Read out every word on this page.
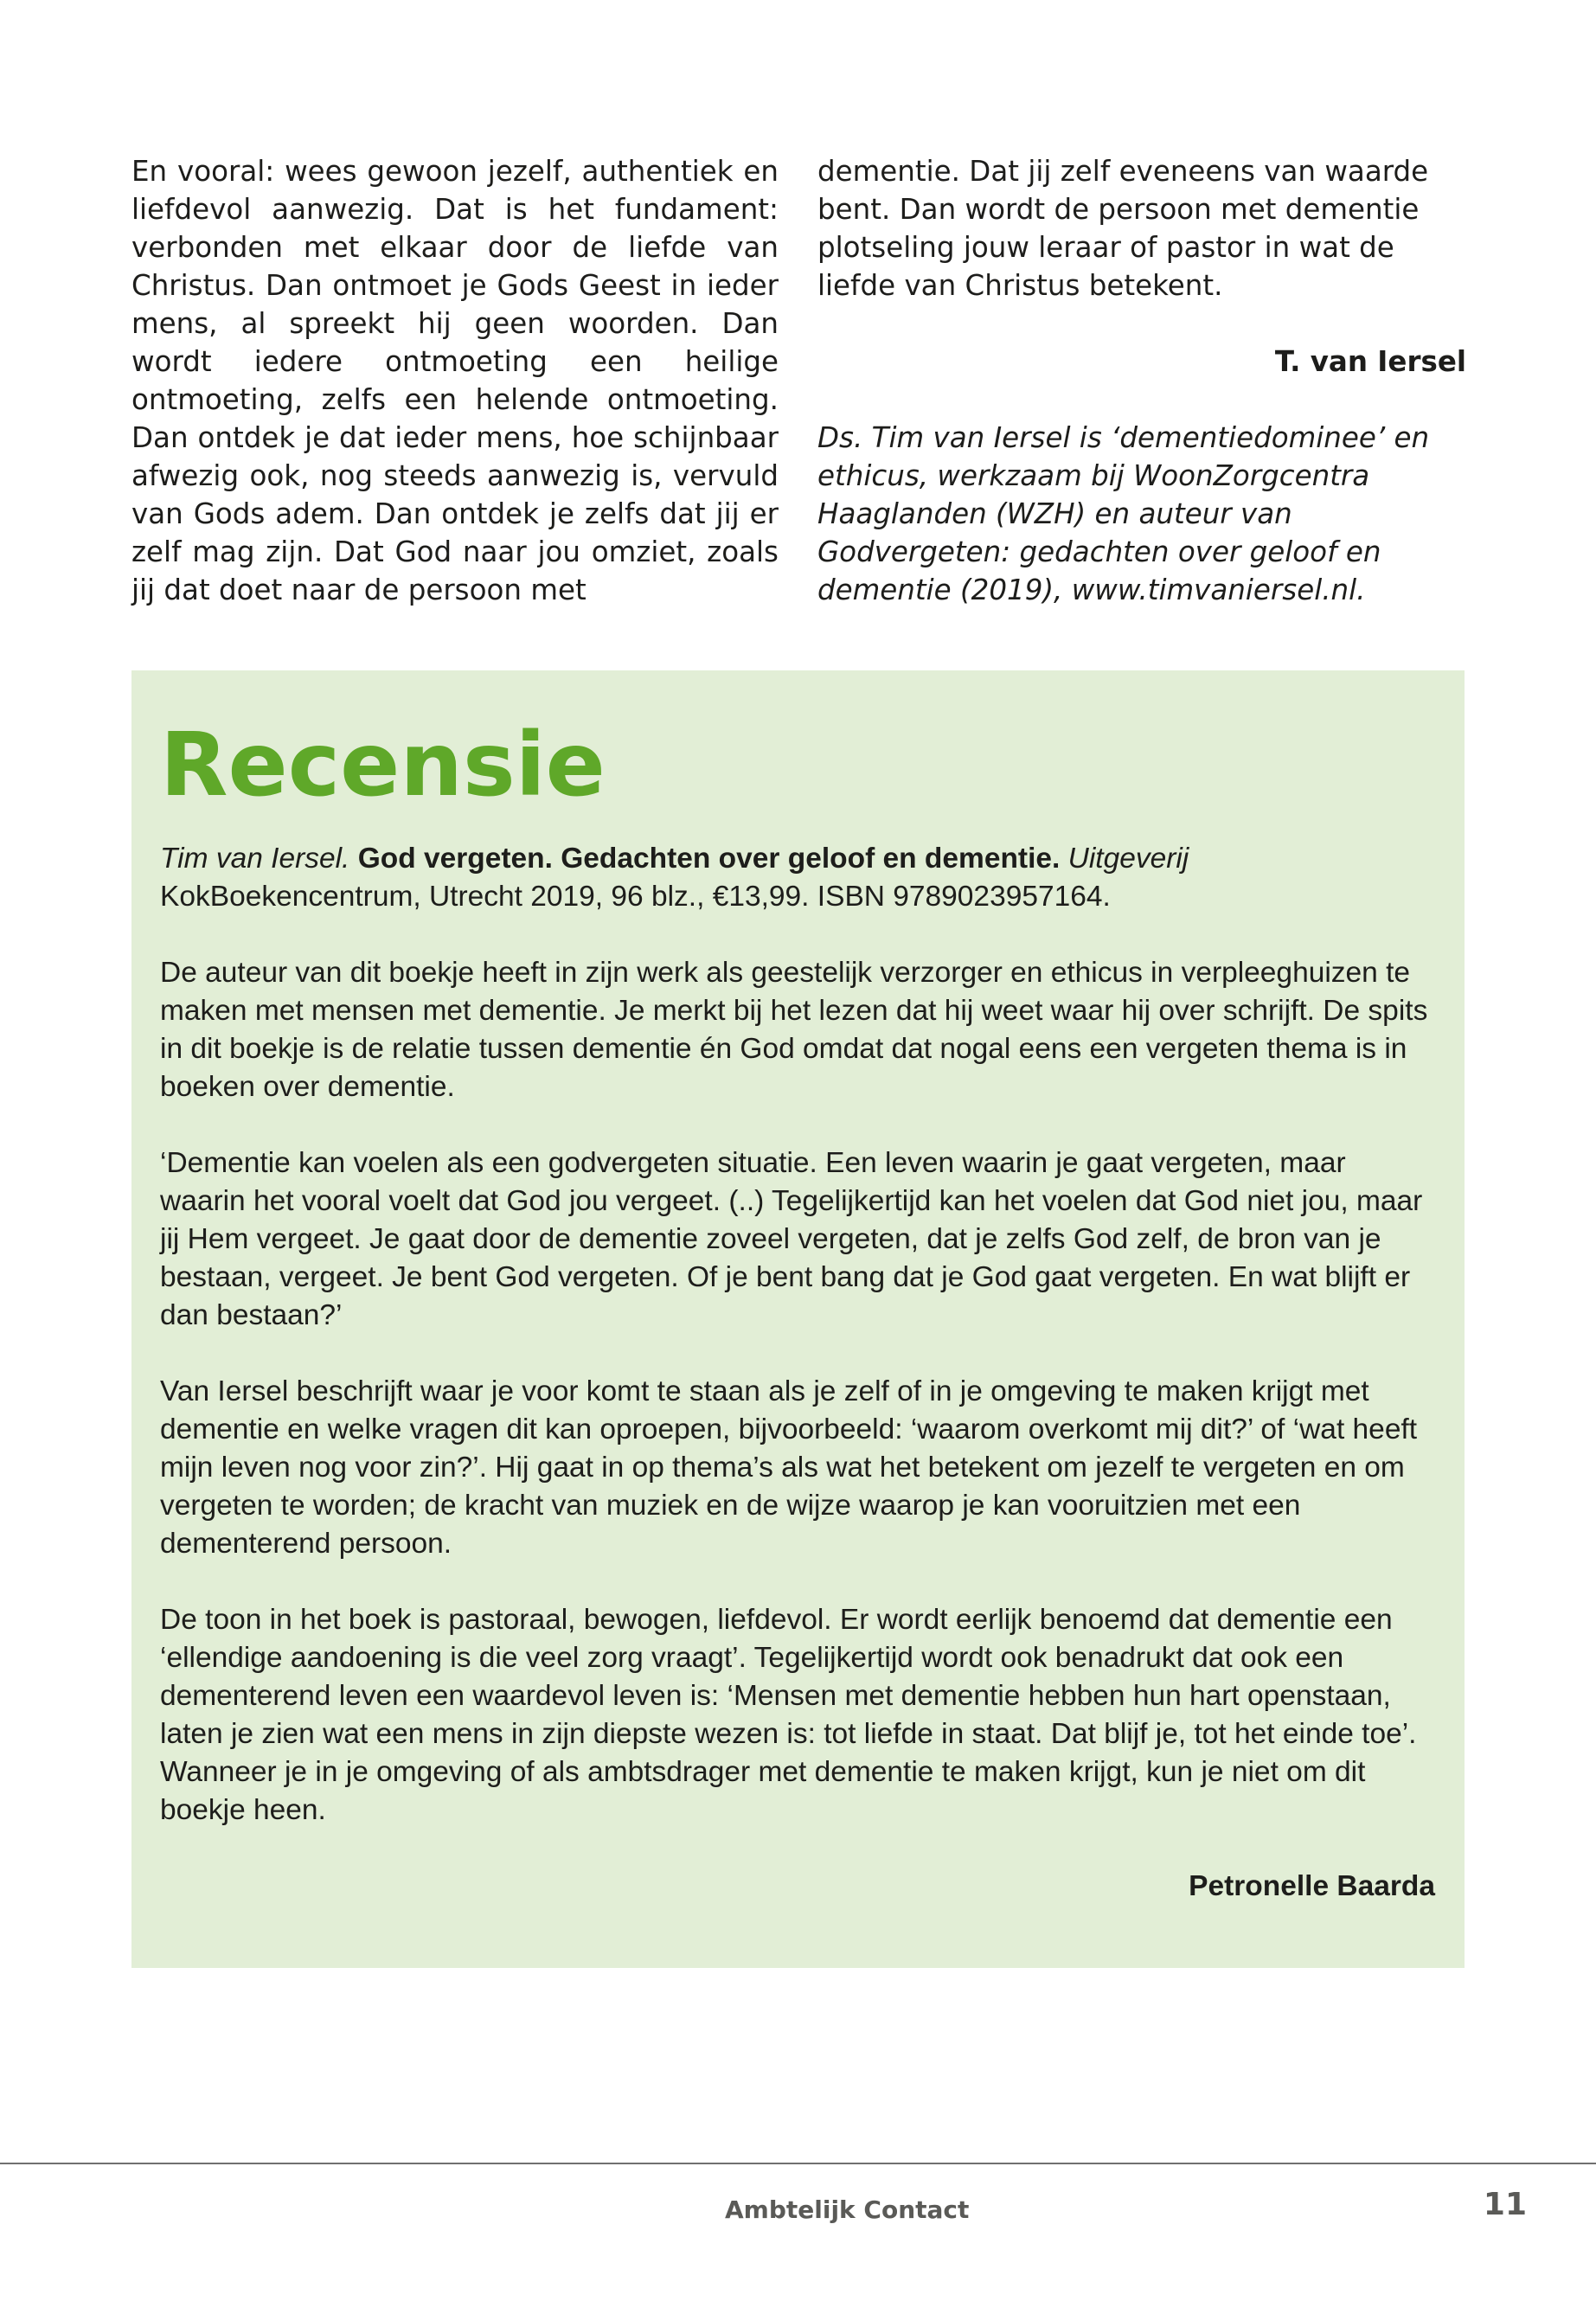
En vooral: wees gewoon jezelf, authentiek en liefdevol aanwezig. Dat is het fundament: verbonden met elkaar door de liefde van Christus. Dan ontmoet je Gods Geest in ieder mens, al spreekt hij geen woorden. Dan wordt iedere ontmoeting een heilige ontmoeting, zelfs een helende ontmoeting. Dan ontdek je dat ieder mens, hoe schijnbaar afwezig ook, nog steeds aanwezig is, vervuld van Gods adem. Dan ontdek je zelfs dat jij er zelf mag zijn. Dat God naar jou omziet, zoals jij dat doet naar de persoon met

dementie. Dat jij zelf eveneens van waarde bent. Dan wordt de persoon met dementie plotseling jouw leraar of pastor in wat de liefde van Christus betekent.

T. van Iersel

Ds. Tim van Iersel is ‘dementiedominee’ en ethicus, werkzaam bij WoonZorgcentra Haaglanden (WZH) en auteur van Godvergeten: gedachten over geloof en dementie (2019), www.timvaniersel.nl.

Recensie

Tim van Iersel. God vergeten. Gedachten over geloof en dementie. Uitgeverij KokBoekencentrum, Utrecht 2019, 96 blz., €13,99. ISBN 9789023957164.

De auteur van dit boekje heeft in zijn werk als geestelijk verzorger en ethicus in verpleeghuizen te maken met mensen met dementie. Je merkt bij het lezen dat hij weet waar hij over schrijft. De spits in dit boekje is de relatie tussen dementie én God omdat dat nogal eens een vergeten thema is in boeken over dementie.

‘Dementie kan voelen als een godvergeten situatie. Een leven waarin je gaat vergeten, maar waarin het vooral voelt dat God jou vergeet. (..) Tegelijkertijd kan het voelen dat God niet jou, maar jij Hem vergeet. Je gaat door de dementie zoveel vergeten, dat je zelfs God zelf, de bron van je bestaan, vergeet. Je bent God vergeten. Of je bent bang dat je God gaat vergeten. En wat blijft er dan bestaan?’

Van Iersel beschrijft waar je voor komt te staan als je zelf of in je omgeving te maken krijgt met dementie en welke vragen dit kan oproepen, bijvoorbeeld: ‘waarom overkomt mij dit?’ of ‘wat heeft mijn leven nog voor zin?’. Hij gaat in op thema’s als wat het betekent om jezelf te vergeten en om vergeten te worden; de kracht van muziek en de wijze waarop je kan vooruitzien met een dementerend persoon.

De toon in het boek is pastoraal, bewogen, liefdevol. Er wordt eerlijk benoemd dat dementie een ‘ellendige aandoening is die veel zorg vraagt’. Tegelijkertijd wordt ook benadrukt dat ook een dementerend leven een waardevol leven is: ‘Mensen met dementie hebben hun hart openstaan, laten je zien wat een mens in zijn diepste wezen is: tot liefde in staat. Dat blijf je, tot het einde toe’. Wanneer je in je omgeving of als ambtsdrager met dementie te maken krijgt, kun je niet om dit boekje heen.

Petronelle Baarda

Ambtelijk Contact	11
